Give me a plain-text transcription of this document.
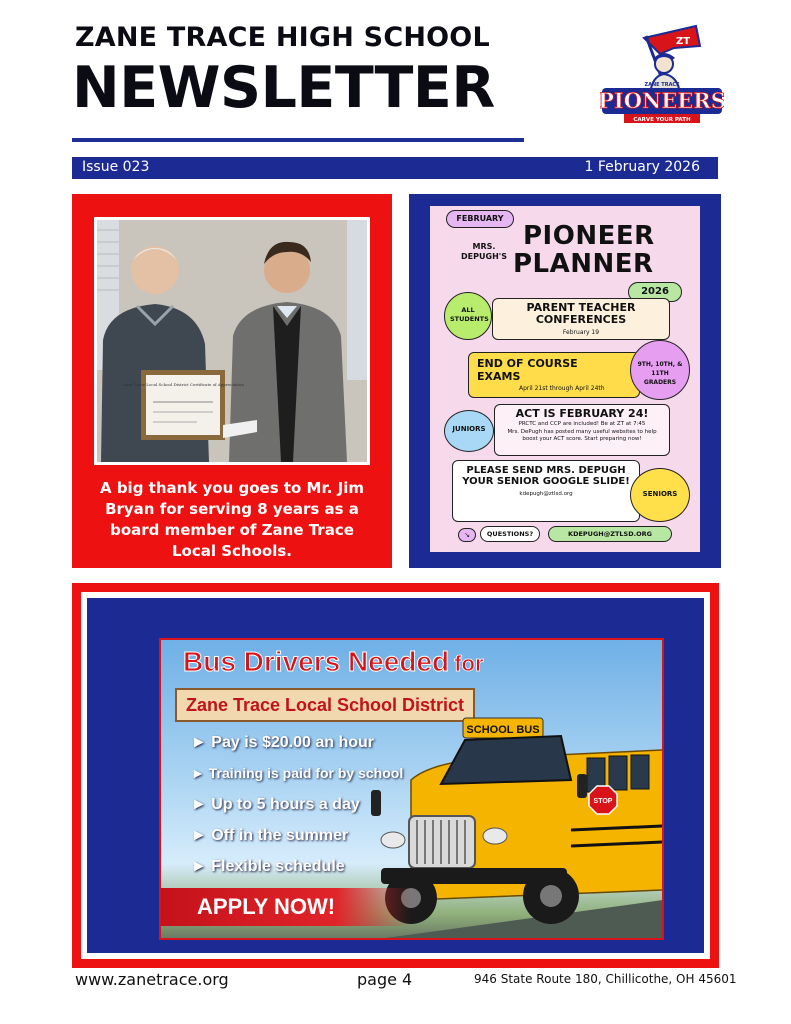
ZANE TRACE HIGH SCHOOL
NEWSLETTER
ZT
ZANE TRACE
PIONEERS
CARVE YOUR PATH
Issue 023	1 February 2026
Zane Trace Local School District Certificate of Appreciation
A big thank you goes to Mr. Jim Bryan for serving 8 years as a board member of Zane Trace Local Schools.
FEBRUARY
MRS. DEPUGH'S
PIONEER
PLANNER
2026
ALL STUDENTS
PARENT TEACHER CONFERENCES
February 19
END OF COURSE EXAMS
April 21st through April 24th
9TH, 10TH, & 11TH GRADERS
JUNIORS
ACT IS FEBRUARY 24!
PRCTC and CCP are included! Be at ZT at 7:45
Mrs. DePugh has posted many useful websites to help boost your ACT score. Start preparing now!
PLEASE SEND MRS. DEPUGH YOUR SENIOR GOOGLE SLIDE!
kdepugh@ztlsd.org	SENIORS
↘	QUESTIONS?	KDEPUGH@ZTLSD.ORG
Bus Drivers Needed for
Zane Trace Local School District
► Pay is $20.00 an hour
► Training is paid for by school
► Up to 5 hours a day
► Off in the summer
► Flexible schedule
SCHOOL BUS
STOP
APPLY NOW!
www.zanetrace.org	page 4	946 State Route 180, Chillicothe, OH 45601
